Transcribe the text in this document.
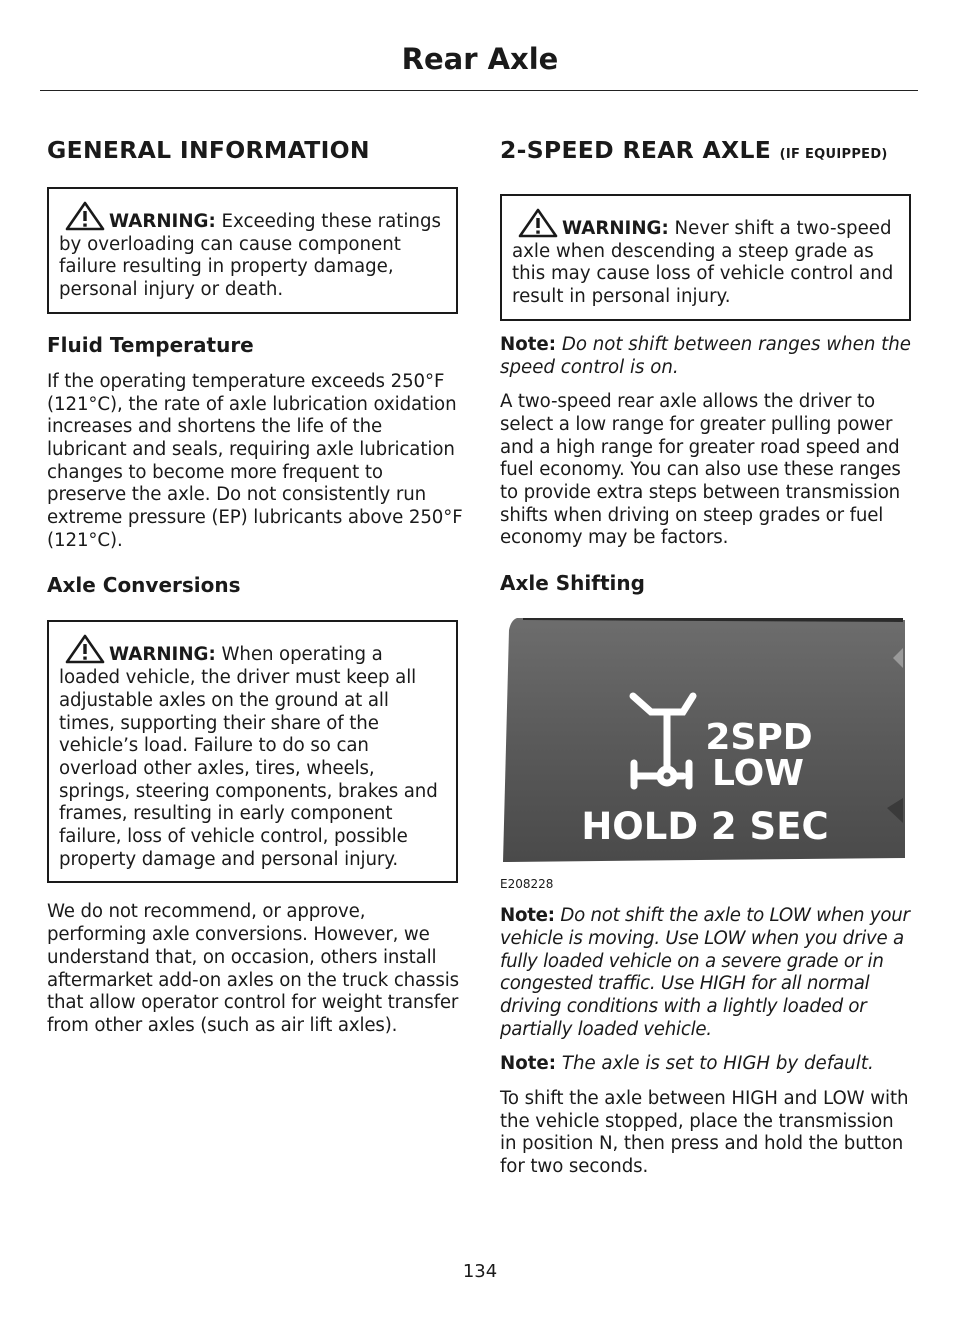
Rear Axle
GENERAL INFORMATION
WARNING: Exceeding these ratings by overloading can cause component failure resulting in property damage, personal injury or death.
Fluid Temperature

If the operating temperature exceeds 250°F (121°C), the rate of axle lubrication oxidation increases and shortens the life of the lubricant and seals, requiring axle lubrication changes to become more frequent to preserve the axle. Do not consistently run extreme pressure (EP) lubricants above 250°F (121°C).

Axle Conversions
WARNING: When operating a loaded vehicle, the driver must keep all adjustable axles on the ground at all times, supporting their share of the vehicle’s load. Failure to do so can overload other axles, tires, wheels, springs, steering components, brakes and frames, resulting in early component failure, loss of vehicle control, possible property damage and personal injury.

We do not recommend, or approve, performing axle conversions. However, we understand that, on occasion, others install aftermarket add-on axles on the truck chassis that allow operator control for weight transfer from other axles (such as air lift axles).

2-SPEED REAR AXLE (IF EQUIPPED)
WARNING: Never shift a two-speed axle when descending a steep grade as this may cause loss of vehicle control and result in personal injury.

Note: Do not shift between ranges when the speed control is on.

A two-speed rear axle allows the driver to select a low range for greater pulling power and a high range for greater road speed and fuel economy. You can also use these ranges to provide extra steps between transmission shifts when driving on steep grades or fuel economy may be factors.

Axle Shifting
2SPD
LOW
HOLD 2 SEC
E208228

Note: Do not shift the axle to LOW when your vehicle is moving. Use LOW when you drive a fully loaded vehicle on a severe grade or in congested traffic. Use HIGH for all normal driving conditions with a lightly loaded or partially loaded vehicle.

Note: The axle is set to HIGH by default.

To shift the axle between HIGH and LOW with the vehicle stopped, place the transmission in position N, then press and hold the button for two seconds.

134
